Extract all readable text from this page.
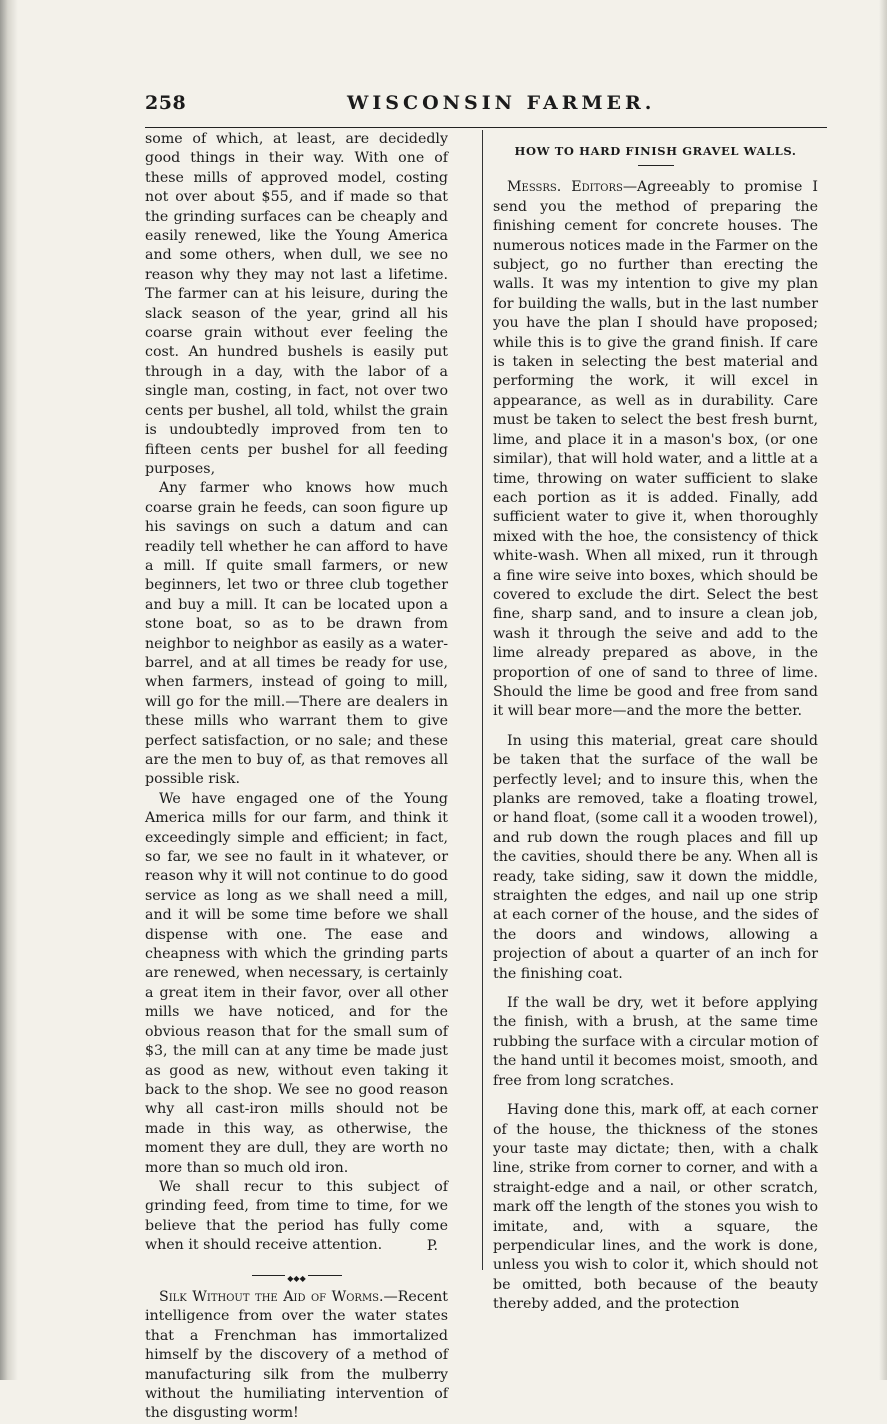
258	WISCONSIN FARMER.

some of which, at least, are decidedly good things in their way. With one of these mills of approved model, costing not over about $55, and if made so that the grinding surfaces can be cheaply and easily renewed, like the Young America and some others, when dull, we see no reason why they may not last a lifetime. The farmer can at his leisure, during the slack season of the year, grind all his coarse grain without ever feeling the cost. An hundred bushels is easily put through in a day, with the labor of a single man, costing, in fact, not over two cents per bushel, all told, whilst the grain is undoubtedly improved from ten to fifteen cents per bushel for all feeding purposes,

Any farmer who knows how much coarse grain he feeds, can soon figure up his savings on such a datum and can readily tell whether he can afford to have a mill. If quite small farmers, or new beginners, let two or three club together and buy a mill. It can be located upon a stone boat, so as to be drawn from neighbor to neighbor as easily as a water-barrel, and at all times be ready for use, when farmers, instead of going to mill, will go for the mill.—There are dealers in these mills who warrant them to give perfect satisfaction, or no sale; and these are the men to buy of, as that removes all possible risk.

We have engaged one of the Young America mills for our farm, and think it exceedingly simple and efficient; in fact, so far, we see no fault in it whatever, or reason why it will not continue to do good service as long as we shall need a mill, and it will be some time before we shall dispense with one. The ease and cheapness with which the grinding parts are renewed, when necessary, is certainly a great item in their favor, over all other mills we have noticed, and for the obvious reason that for the small sum of $3, the mill can at any time be made just as good as new, without even taking it back to the shop. We see no good reason why all cast-iron mills should not be made in this way, as otherwise, the moment they are dull, they are worth no more than so much old iron.

We shall recur to this subject of grinding feed, from time to time, for we believe that the period has fully come when it should receive attention.	P.
◆◆◆

Silk Without the Aid of Worms.—Recent intelligence from over the water states that a Frenchman has immortalized himself by the discovery of a method of manufacturing silk from the mulberry without the humiliating intervention of the disgusting worm!

HOW TO HARD FINISH GRAVEL WALLS.

Messrs. Editors—Agreeably to promise I send you the method of preparing the finishing cement for concrete houses. The numerous notices made in the Farmer on the subject, go no further than erecting the walls. It was my intention to give my plan for building the walls, but in the last number you have the plan I should have proposed; while this is to give the grand finish. If care is taken in selecting the best material and performing the work, it will excel in appearance, as well as in durability. Care must be taken to select the best fresh burnt, lime, and place it in a mason's box, (or one similar), that will hold water, and a little at a time, throwing on water sufficient to slake each portion as it is added. Finally, add sufficient water to give it, when thoroughly mixed with the hoe, the consistency of thick white-wash. When all mixed, run it through a fine wire seive into boxes, which should be covered to exclude the dirt. Select the best fine, sharp sand, and to insure a clean job, wash it through the seive and add to the lime already prepared as above, in the proportion of one of sand to three of lime. Should the lime be good and free from sand it will bear more—and the more the better.

In using this material, great care should be taken that the surface of the wall be perfectly level; and to insure this, when the planks are removed, take a floating trowel, or hand float, (some call it a wooden trowel), and rub down the rough places and fill up the cavities, should there be any. When all is ready, take siding, saw it down the middle, straighten the edges, and nail up one strip at each corner of the house, and the sides of the doors and windows, allowing a projection of about a quarter of an inch for the finishing coat.

If the wall be dry, wet it before applying the finish, with a brush, at the same time rubbing the surface with a circular motion of the hand until it becomes moist, smooth, and free from long scratches.

Having done this, mark off, at each corner of the house, the thickness of the stones your taste may dictate; then, with a chalk line, strike from corner to corner, and with a straight-edge and a nail, or other scratch, mark off the length of the stones you wish to imitate, and, with a square, the perpendicular lines, and the work is done, unless you wish to color it, which should not be omitted, both because of the beauty thereby added, and the protection
